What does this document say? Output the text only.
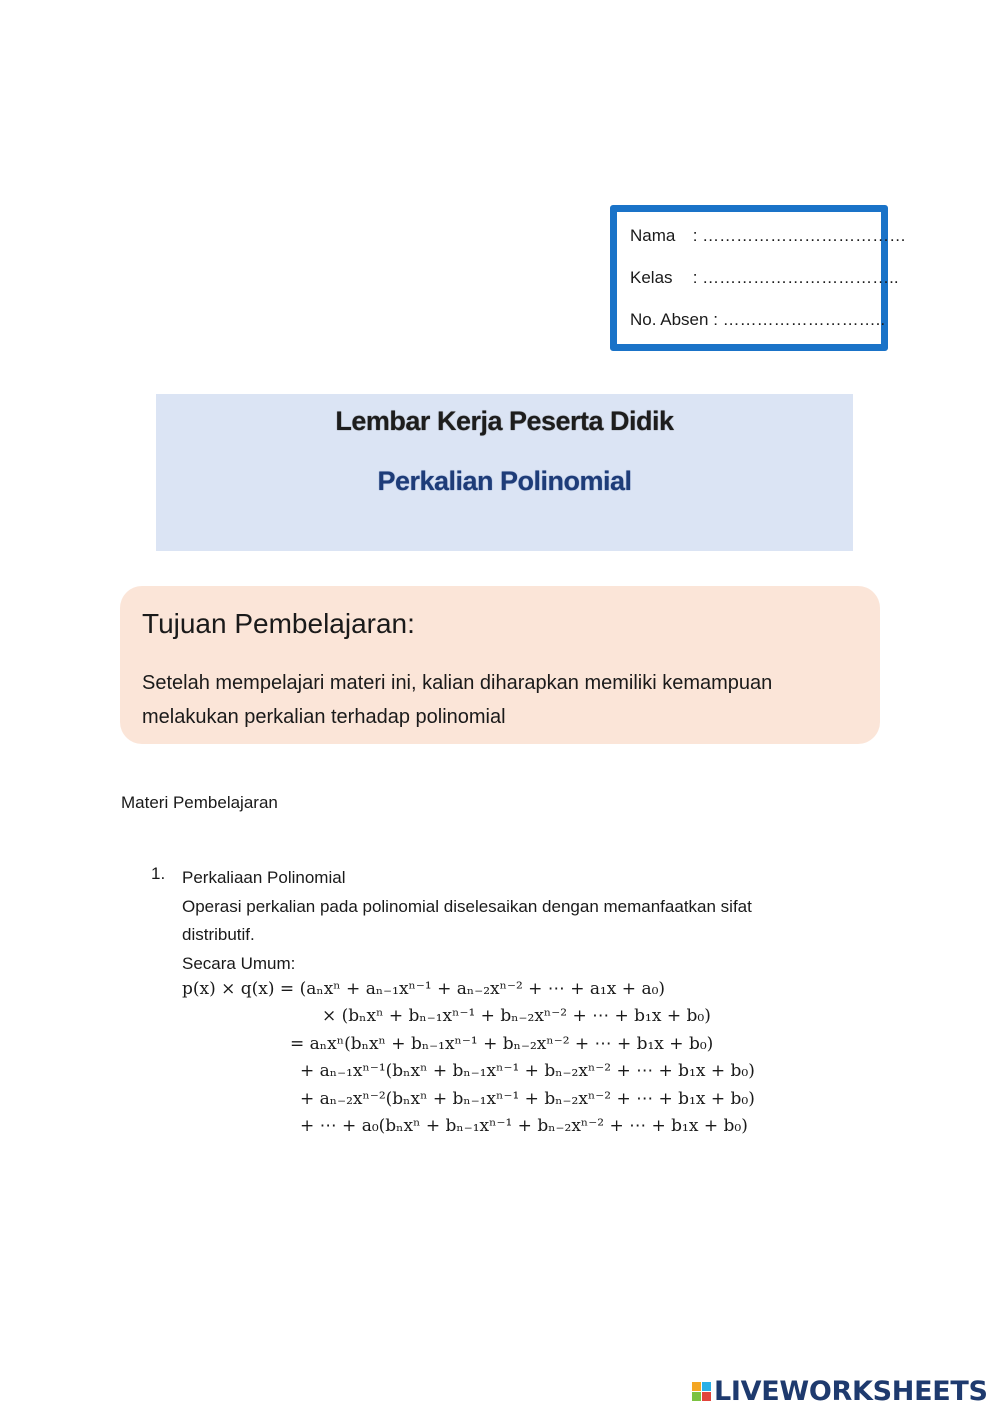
Nama : ………………………………
Kelas : ……………………………..
No. Absen : ………………………..
Lembar Kerja Peserta Didik
Perkalian Polinomial
Tujuan Pembelajaran:
Setelah mempelajari materi ini, kalian diharapkan memiliki kemampuan melakukan perkalian terhadap polinomial
Materi Pembelajaran
1. Perkaliaan Polinomial

Operasi perkalian pada polinomial diselesaikan dengan memanfaatkan sifat distributif.

Secara Umum:

p(x) × q(x) = (aₙxⁿ + aₙ₋₁xⁿ⁻¹ + aₙ₋₂xⁿ⁻² + ⋯ + a₁x + a₀)
× (bₙxⁿ + bₙ₋₁xⁿ⁻¹ + bₙ₋₂xⁿ⁻² + ⋯ + b₁x + b₀)
= aₙxⁿ(bₙxⁿ + bₙ₋₁xⁿ⁻¹ + bₙ₋₂xⁿ⁻² + ⋯ + b₁x + b₀)
+ aₙ₋₁xⁿ⁻¹(bₙxⁿ + bₙ₋₁xⁿ⁻¹ + bₙ₋₂xⁿ⁻² + ⋯ + b₁x + b₀)
+ aₙ₋₂xⁿ⁻²(bₙxⁿ + bₙ₋₁xⁿ⁻¹ + bₙ₋₂xⁿ⁻² + ⋯ + b₁x + b₀)
+ ⋯ + a₀(bₙxⁿ + bₙ₋₁xⁿ⁻¹ + bₙ₋₂xⁿ⁻² + ⋯ + b₁x + b₀)
LIVEWORKSHEETS
